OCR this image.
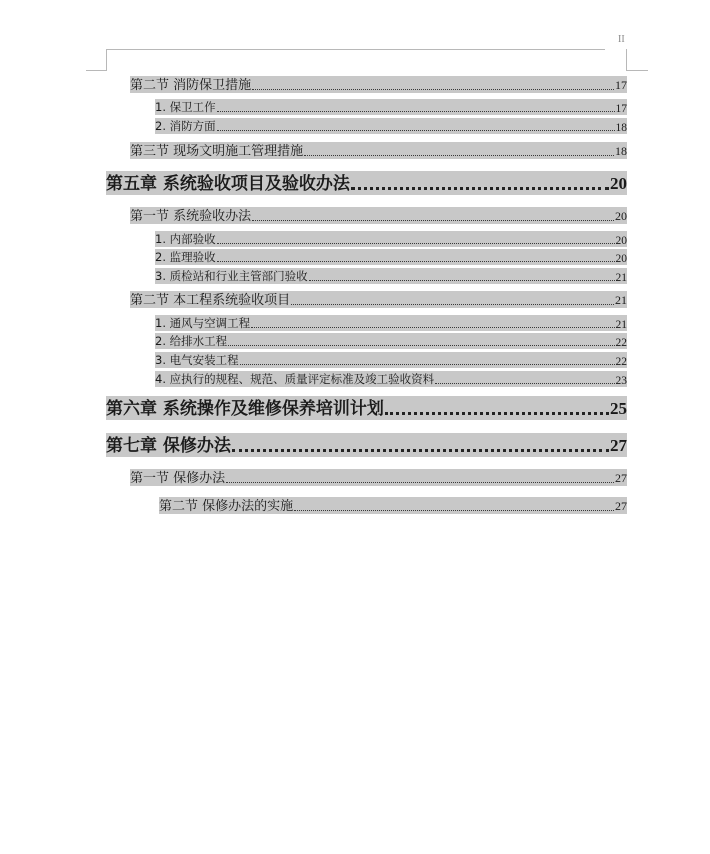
II
第二节 消防保卫措施	17
1. 保卫工作	17
2. 消防方面	18
第三节 现场文明施工管理措施	18
第五章 系统验收项目及验收办法	20
第一节 系统验收办法	20
1. 内部验收	20
2. 监理验收	20
3. 质检站和行业主管部门验收	21
第二节 本工程系统验收项目	21
1. 通风与空调工程	21
2. 给排水工程	22
3. 电气安装工程	22
4. 应执行的规程、规范、质量评定标准及竣工验收资料	23
第六章 系统操作及维修保养培训计划	25
第七章 保修办法	27
第一节 保修办法	27
第二节 保修办法的实施	27
